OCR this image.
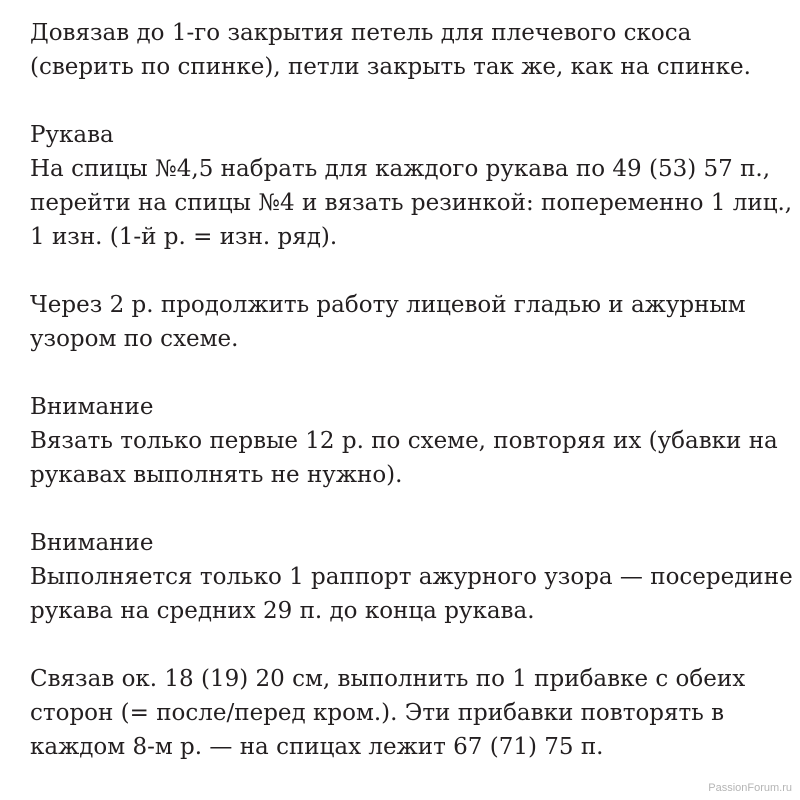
Довязав до 1-го закрытия петель для плечевого скоса
(сверить по спинке), петли закрыть так же, как на спинке.
Рукава
На спицы №4,5 набрать для каждого рукава по 49 (53) 57 п.,
перейти на спицы №4 и вязать резинкой: попеременно 1 лиц.,
1 изн. (1-й р. = изн. ряд).
Через 2 р. продолжить работу лицевой гладью и ажурным
узором по схеме.
Внимание
Вязать только первые 12 р. по схеме, повторяя их (убавки на
рукавах выполнять не нужно).
Внимание
Выполняется только 1 раппорт ажурного узора — посередине
рукава на средних 29 п. до конца рукава.
Связав ок. 18 (19) 20 см, выполнить по 1 прибавке с обеих
сторон (= после/перед кром.). Эти прибавки повторять в
каждом 8-м р. — на спицах лежит 67 (71) 75 п.
PassionForum.ru
